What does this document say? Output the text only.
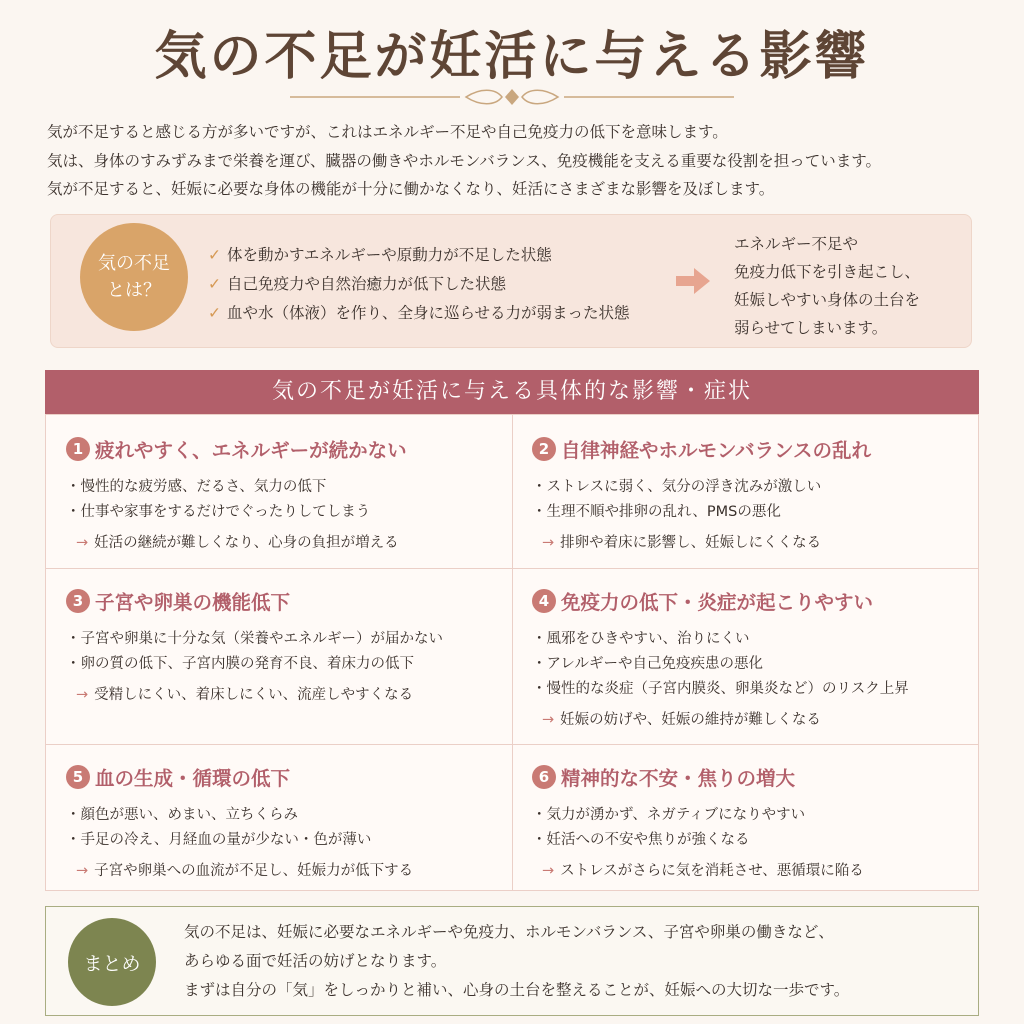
気の不足が妊活に与える影響

気が不足すると感じる方が多いですが、これはエネルギー不足や自己免疫力の低下を意味します。

気は、身体のすみずみまで栄養を運び、臓器の働きやホルモンバランス、免疫機能を支える重要な役割を担っています。

気が不足すると、妊娠に必要な身体の機能が十分に働かなくなり、妊活にさまざまな影響を及ぼします。

気の不足
とは？
✓ 体を動かすエネルギーや原動力が不足した状態
✓ 自己免疫力や自然治癒力が低下した状態
✓ 血や水（体液）を作り、全身に巡らせる力が弱まった状態

エネルギー不足や

免疫力低下を引き起こし、

妊娠しやすい身体の土台を

弱らせてしまいます。

気の不足が妊活に与える具体的な影響・症状
1 疲れやすく、エネルギーが続かない
・慢性的な疲労感、だるさ、気力の低下
・仕事や家事をするだけでぐったりしてしまう
→ 妊活の継続が難しくなり、心身の負担が増える
2 自律神経やホルモンバランスの乱れ
・ストレスに弱く、気分の浮き沈みが激しい
・生理不順や排卵の乱れ、PMSの悪化
→ 排卵や着床に影響し、妊娠しにくくなる
3 子宮や卵巣の機能低下
・子宮や卵巣に十分な気（栄養やエネルギー）が届かない
・卵の質の低下、子宮内膜の発育不良、着床力の低下
→ 受精しにくい、着床しにくい、流産しやすくなる
4 免疫力の低下・炎症が起こりやすい
・風邪をひきやすい、治りにくい
・アレルギーや自己免疫疾患の悪化
・慢性的な炎症（子宮内膜炎、卵巣炎など）のリスク上昇
→ 妊娠の妨げや、妊娠の維持が難しくなる
5 血の生成・循環の低下
・顔色が悪い、めまい、立ちくらみ
・手足の冷え、月経血の量が少ない・色が薄い
→ 子宮や卵巣への血流が不足し、妊娠力が低下する
6 精神的な不安・焦りの増大
・気力が湧かず、ネガティブになりやすい
・妊活への不安や焦りが強くなる
→ ストレスがさらに気を消耗させ、悪循環に陥る
まとめ

気の不足は、妊娠に必要なエネルギーや免疫力、ホルモンバランス、子宮や卵巣の働きなど、

あらゆる面で妊活の妨げとなります。

まずは自分の「気」をしっかりと補い、心身の土台を整えることが、妊娠への大切な一歩です。
